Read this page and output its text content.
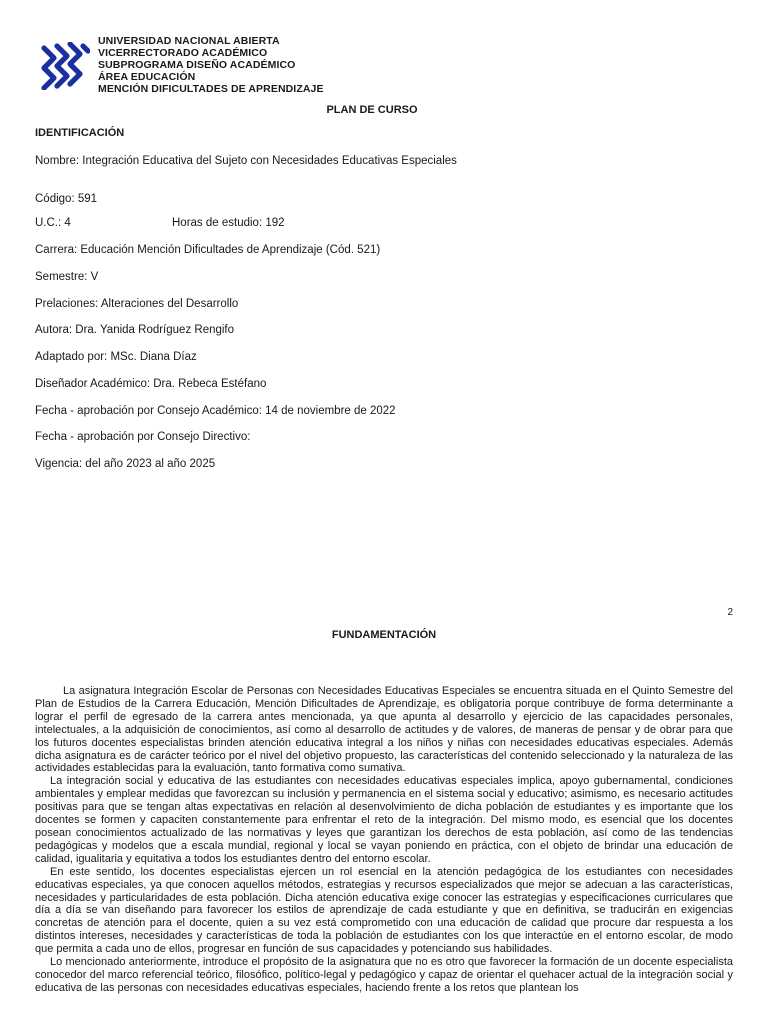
UNIVERSIDAD NACIONAL ABIERTA
VICERRECTORADO ACADÉMICO
SUBPROGRAMA DISEÑO ACADÉMICO
ÁREA EDUCACIÓN
MENCIÓN DIFICULTADES DE APRENDIZAJE
PLAN DE CURSO
IDENTIFICACIÓN
Nombre: Integración Educativa del Sujeto con Necesidades Educativas Especiales
Código: 591
U.C.: 4	Horas de estudio: 192
Carrera: Educación Mención Dificultades de Aprendizaje (Cód. 521)
Semestre: V
Prelaciones: Alteraciones del Desarrollo
Autora: Dra. Yanida Rodríguez Rengifo
Adaptado por: MSc. Diana Díaz
Diseñador Académico: Dra. Rebeca Estéfano
Fecha - aprobación por Consejo Académico: 14 de noviembre de 2022
Fecha - aprobación por Consejo Directivo:
Vigencia: del año 2023 al año 2025
2
FUNDAMENTACIÓN

La asignatura Integración Escolar de Personas con Necesidades Educativas Especiales se encuentra situada en el Quinto Semestre del Plan de Estudios de la Carrera Educación, Mención Dificultades de Aprendizaje, es obligatoria porque contribuye de forma determinante a lograr el perfil de egresado de la carrera antes mencionada, ya que apunta al desarrollo y ejercicio de las capacidades personales, intelectuales, a la adquisición de conocimientos, así como al desarrollo de actitudes y de valores, de maneras de pensar y de obrar para que los futuros docentes especialistas brinden atención educativa integral a los niños y niñas con necesidades educativas especiales. Además dicha asignatura es de carácter teórico por el nivel del objetivo propuesto, las características del contenido seleccionado y la naturaleza de las actividades establecidas para la evaluación, tanto formativa como sumativa.

La integración social y educativa de las estudiantes con necesidades educativas especiales implica, apoyo gubernamental, condiciones ambientales y emplear medidas que favorezcan su inclusión y permanencia en el sistema social y educativo; asimismo, es necesario actitudes positivas para que se tengan altas expectativas en relación al desenvolvimiento de dicha población de estudiantes y es importante que los docentes se formen y capaciten constantemente para enfrentar el reto de la integración. Del mismo modo, es esencial que los docentes posean conocimientos actualizado de las normativas y leyes que garantizan los derechos de esta población, así como de las tendencias pedagógicas y modelos que a escala mundial, regional y local se vayan poniendo en práctica, con el objeto de brindar una educación de calidad, igualitaria y equitativa a todos los estudiantes dentro del entorno escolar.

En este sentido, los docentes especialistas ejercen un rol esencial en la atención pedagógica de los estudiantes con necesidades educativas especiales, ya que conocen aquellos métodos, estrategias y recursos especializados que mejor se adecuan a las características, necesidades y particularidades de esta población. Dicha atención educativa exige conocer las estrategias y especificaciones curriculares que día a día se van diseñando para favorecer los estilos de aprendizaje de cada estudiante y que en definitiva, se traducirán en exigencias concretas de atención para el docente, quien a su vez está comprometido con una educación de calidad que procure dar respuesta a los distintos intereses, necesidades y características de toda la población de estudiantes con los que interactúe en el entorno escolar, de modo que permita a cada uno de ellos, progresar en función de sus capacidades y potenciando sus habilidades.

Lo mencionado anteriormente, introduce el propósito de la asignatura que no es otro que favorecer la formación de un docente especialista conocedor del marco referencial teórico, filosófico, político-legal y pedagógico y capaz de orientar el quehacer actual de la integración social y educativa de las personas con necesidades educativas especiales, haciendo frente a los retos que plantean los
